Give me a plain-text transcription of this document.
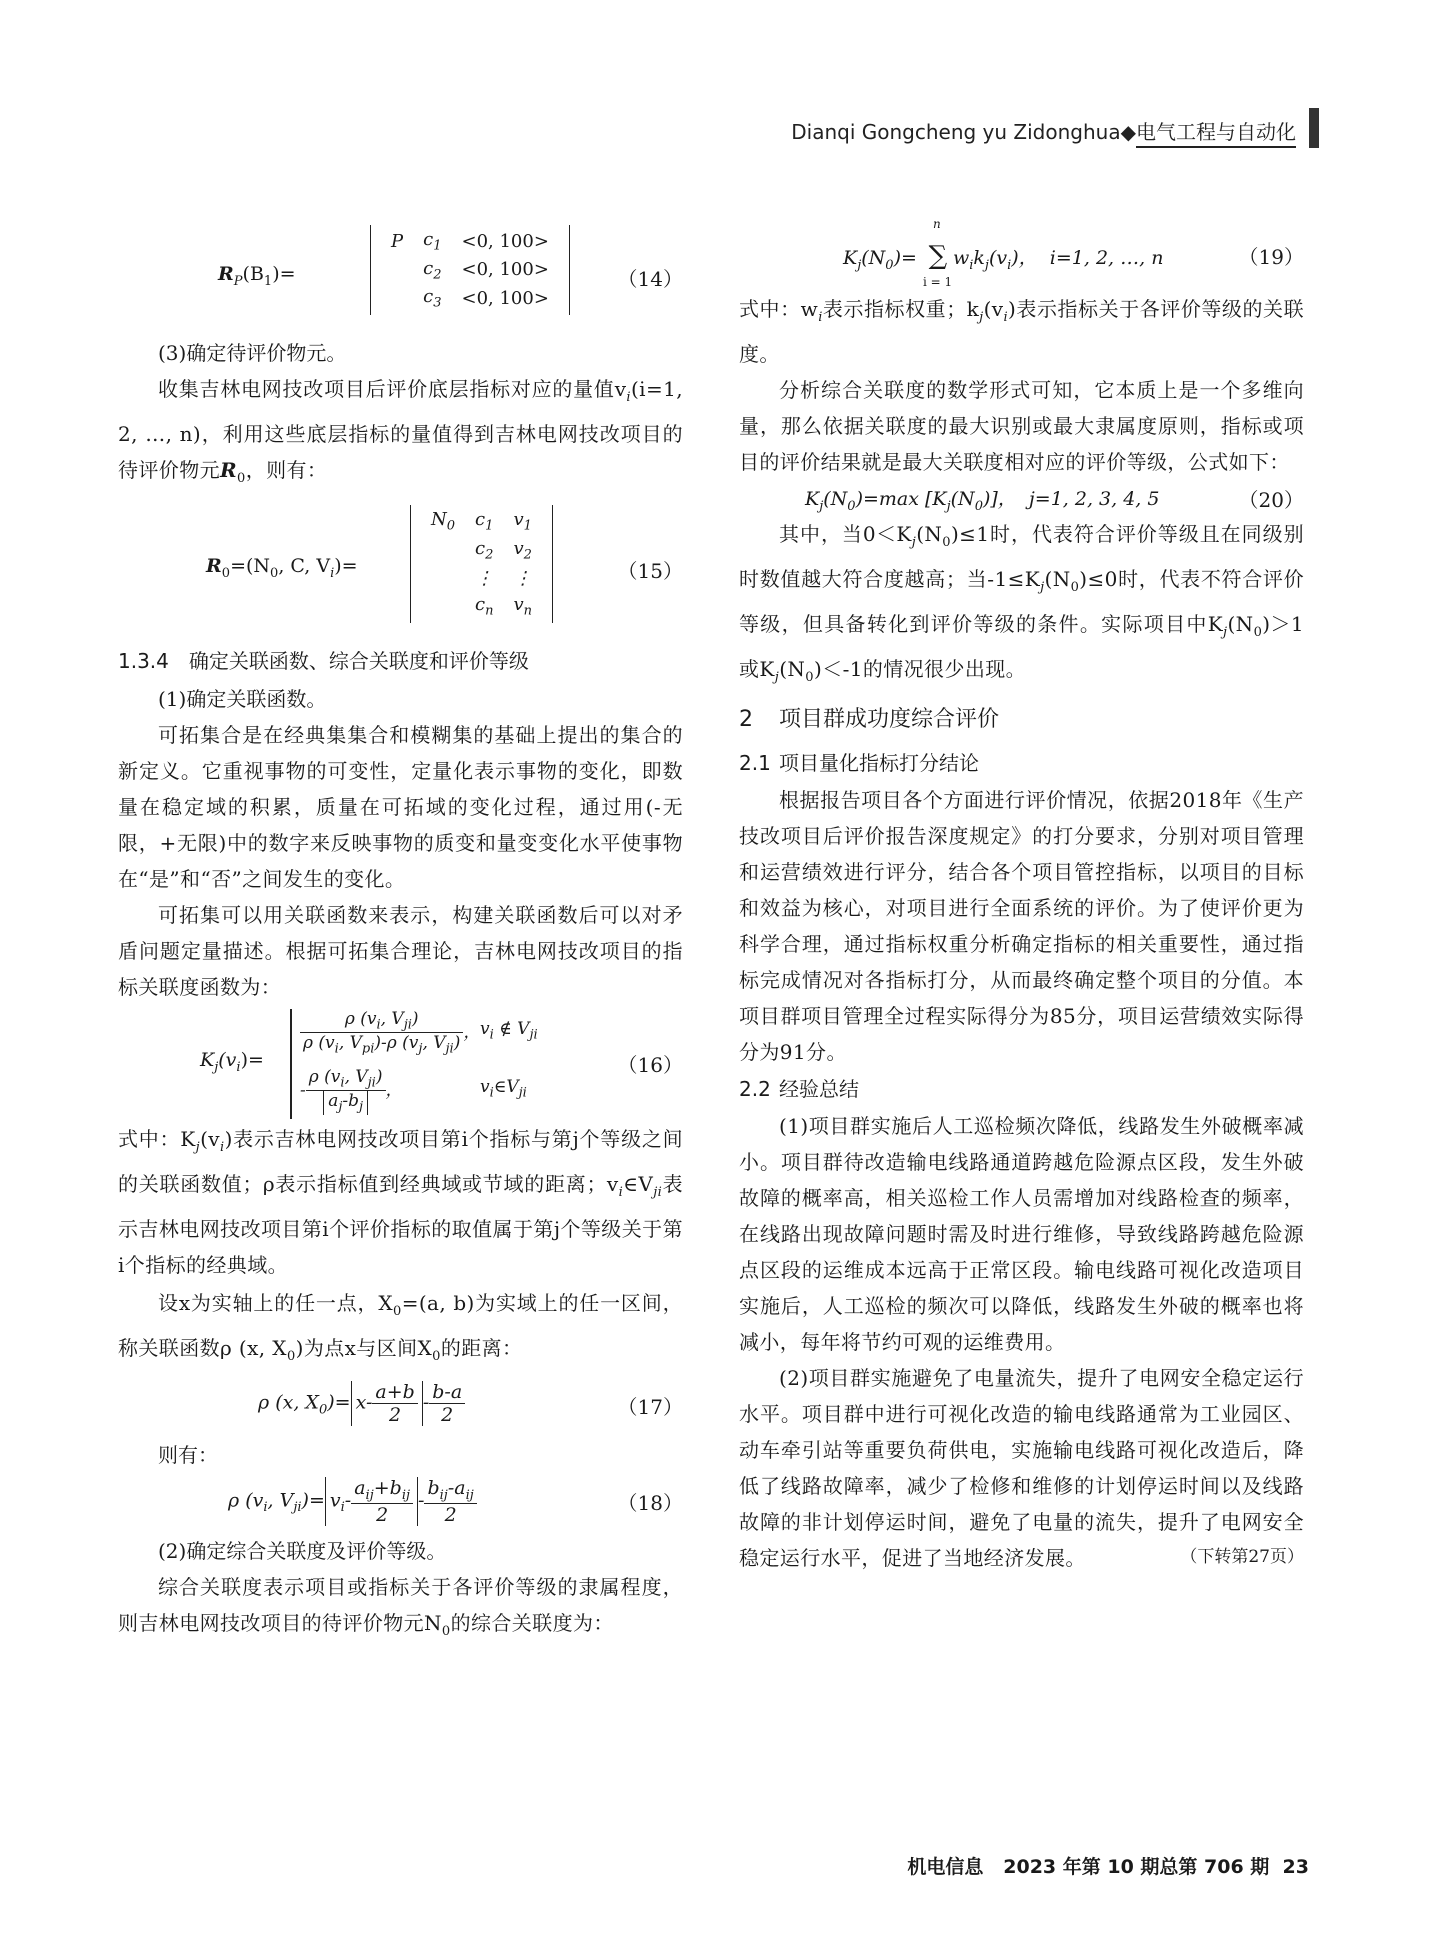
Dianqi Gongcheng yu Zidonghua◆电气工程与自动化
$R_P(B_1)=$
P	$c_1$	<0, 100>
	$c_2$	<0, 100>
	$c_3$	<0, 100>
（14）

(3)确定待评价物元。

收集吉林电网技改项目后评价底层指标对应的量值$v_i(i=1$, 2, …, n)，利用这些底层指标的量值得到吉林电网技改项目的待评价物元$R_0$，则有：

$R_0=(N_0$, C, $V_i)=$
$N_0$	$c_1$	$v_1$
	$c_2$	$v_2$
	⋮	⋮
	$c_n$	$v_n$
（15）

1.3.4　确定关联函数、综合关联度和评价等级

(1)确定关联函数。

可拓集合是在经典集集合和模糊集的基础上提出的集合的新定义。它重视事物的可变性，定量化表示事物的变化，即数量在稳定域的积累，质量在可拓域的变化过程，通过用(-无限，+无限)中的数字来反映事物的质变和量变变化水平使事物在“是”和“否”之间发生的变化。

可拓集可以用关联函数来表示，构建关联函数后可以对矛盾问题定量描述。根据可拓集合理论，吉林电网技改项目的指标关联度函数为：

$K_j(v_i)=$
$\frac{\rho (v_i, V_{ji})}{\rho (v_i, V_{pi})-\rho (v_j, V_{ji})}$ ， $v_i$ ∉ $V_{ji}$
- $\frac{\rho (v_i, V_{ji})}{a_j-b_j}$ ，	$v_i\in V_{ji}$
（16）

式中：$K_j(v_i)$表示吉林电网技改项目第i个指标与第j个等级之间的关联函数值；ρ表示指标值到经典域或节域的距离；$v_i\in V_{ji}$表示吉林电网技改项目第i个评价指标的取值属于第j个等级关于第i个指标的经典域。

设x为实轴上的任一点，$X_0=(a$, b)为实域上的任一区间，称关联函数ρ (x, $X_0$)为点x与区间$X_0$的距离：

ρ (x, $X_0)= x- \frac{a+b}{2} - \frac{b-a}{2}$	（17）

则有：

ρ ($v_i$, $V_{ji})= v_i- \frac{a_{ij}+b_{ij}}{2} - \frac{b_{ij}-a_{ij}}{2}$	（18）

(2)确定综合关联度及评价等级。

综合关联度表示项目或指标关于各评价等级的隶属程度，则吉林电网技改项目的待评价物元$N_0$的综合关联度为：

$K_j(N_0)=$
n
∑
i = 1
$w_ik_j(v_i)$， i=1, 2, …, n	（19）

式中：$w_i$表示指标权重；$k_j(v_i)$表示指标关于各评价等级的关联度。

分析综合关联度的数学形式可知，它本质上是一个多维向量，那么依据关联度的最大识别或最大隶属度原则，指标或项目的评价结果就是最大关联度相对应的评价等级，公式如下：

$K_j(N_0)=\max$ $[K_j(N_0)]$， j=1, 2, 3, 4, 5	（20）

其中，当$0<K_j(N_0)\le 1$时，代表符合评价等级且在同级别时数值越大符合度越高；当$-1\le K_j(N_0)\le 0$时，代表不符合评价等级，但具备转化到评价等级的条件。实际项目中$K_j(N_0)>1$或$K_j(N_0)<-1$的情况很少出现。

2 项目群成功度综合评价

2.1 项目量化指标打分结论

根据报告项目各个方面进行评价情况，依据2018年《生产技改项目后评价报告深度规定》的打分要求，分别对项目管理和运营绩效进行评分，结合各个项目管控指标，以项目的目标和效益为核心，对项目进行全面系统的评价。为了使评价更为科学合理，通过指标权重分析确定指标的相关重要性，通过指标完成情况对各指标打分，从而最终确定整个项目的分值。本项目群项目管理全过程实际得分为85分，项目运营绩效实际得分为91分。

2.2 经验总结

(1)项目群实施后人工巡检频次降低，线路发生外破概率减小。项目群待改造输电线路通道跨越危险源点区段，发生外破故障的概率高，相关巡检工作人员需增加对线路检查的频率，在线路出现故障问题时需及时进行维修，导致线路跨越危险源点区段的运维成本远高于正常区段。输电线路可视化改造项目实施后，人工巡检的频次可以降低，线路发生外破的概率也将减小，每年将节约可观的运维费用。

(2)项目群实施避免了电量流失，提升了电网安全稳定运行水平。项目群中进行可视化改造的输电线路通常为工业园区、动车牵引站等重要负荷供电，实施输电线路可视化改造后，降低了线路故障率，减少了检修和维修的计划停运时间以及线路故障的非计划停运时间，避免了电量的流失，提升了电网安全稳定运行水平，促进了当地经济发展。	（下转第27页）
机电信息 2023 年第 10 期总第 706 期 23
